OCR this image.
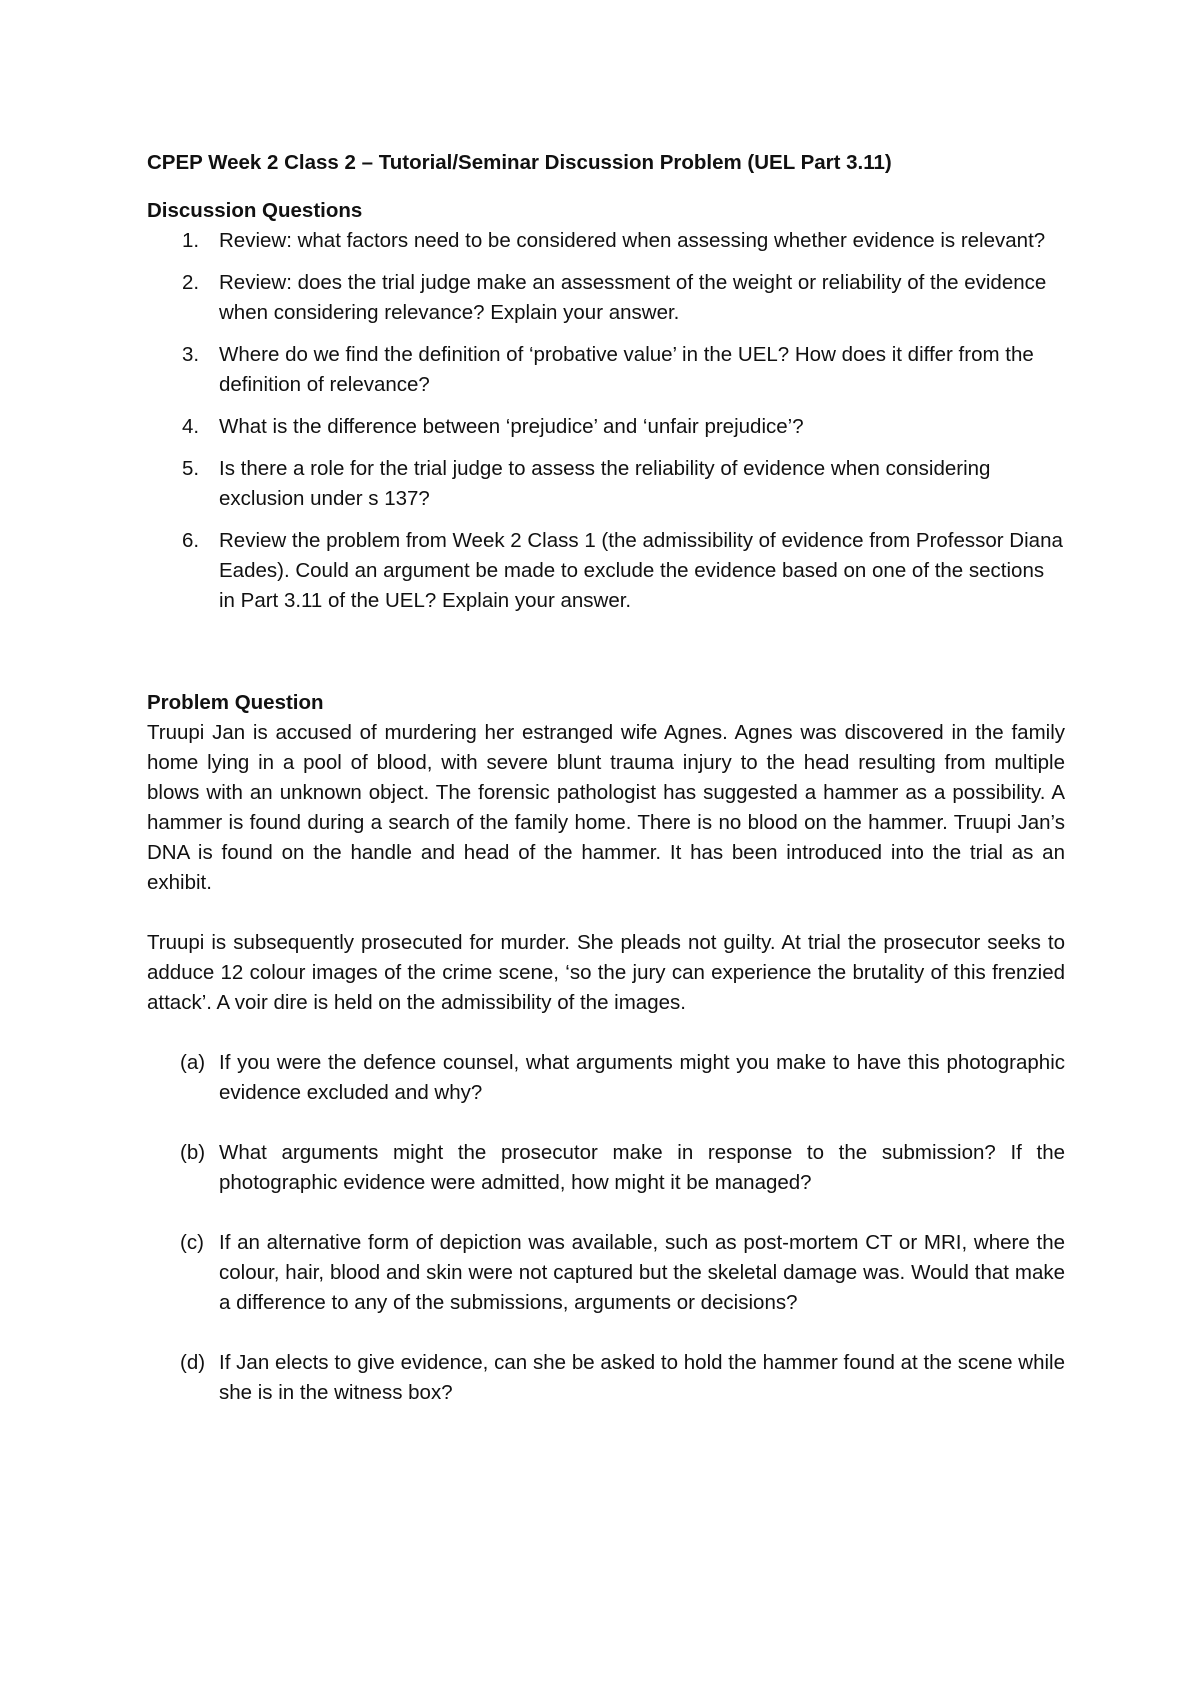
CPEP Week 2 Class 2 – Tutorial/Seminar Discussion Problem (UEL Part 3.11)
Discussion Questions
1. Review: what factors need to be considered when assessing whether evidence is relevant?
2. Review: does the trial judge make an assessment of the weight or reliability of the evidence when considering relevance? Explain your answer.
3. Where do we find the definition of ‘probative value’ in the UEL? How does it differ from the definition of relevance?
4. What is the difference between ‘prejudice’ and ‘unfair prejudice’?
5. Is there a role for the trial judge to assess the reliability of evidence when considering exclusion under s 137?
6. Review the problem from Week 2 Class 1 (the admissibility of evidence from Professor Diana Eades). Could an argument be made to exclude the evidence based on one of the sections in Part 3.11 of the UEL? Explain your answer.
Problem Question

Truupi Jan is accused of murdering her estranged wife Agnes. Agnes was discovered in the family home lying in a pool of blood, with severe blunt trauma injury to the head resulting from multiple blows with an unknown object. The forensic pathologist has suggested a hammer as a possibility. A hammer is found during a search of the family home. There is no blood on the hammer. Truupi Jan’s DNA is found on the handle and head of the hammer. It has been introduced into the trial as an exhibit.

Truupi is subsequently prosecuted for murder. She pleads not guilty. At trial the prosecutor seeks to adduce 12 colour images of the crime scene, ‘so the jury can experience the brutality of this frenzied attack’. A voir dire is held on the admissibility of the images.

(a) If you were the defence counsel, what arguments might you make to have this photographic evidence excluded and why?
(b) What arguments might the prosecutor make in response to the submission? If the photographic evidence were admitted, how might it be managed?
(c) If an alternative form of depiction was available, such as post-mortem CT or MRI, where the colour, hair, blood and skin were not captured but the skeletal damage was. Would that make a difference to any of the submissions, arguments or decisions?
(d) If Jan elects to give evidence, can she be asked to hold the hammer found at the scene while she is in the witness box?
